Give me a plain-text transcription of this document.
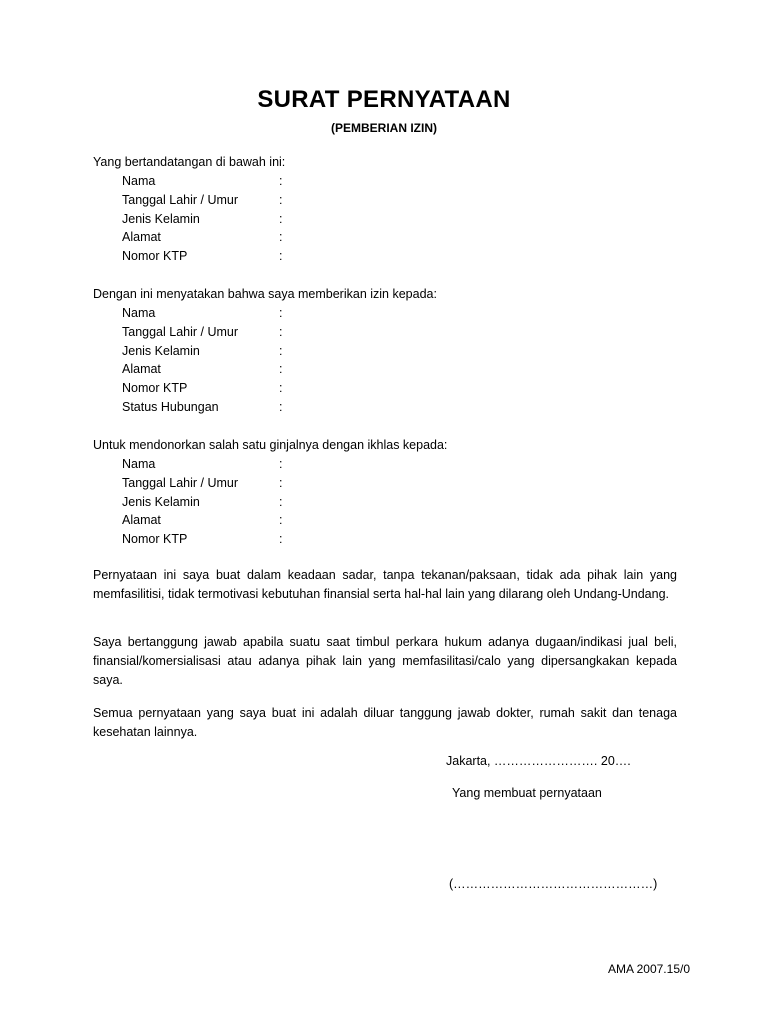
SURAT PERNYATAAN
(PEMBERIAN IZIN)
Yang bertandatangan di bawah ini:
Nama	:
Tanggal Lahir / Umur	:
Jenis Kelamin	:
Alamat	:
Nomor KTP	:
Dengan ini menyatakan bahwa saya memberikan izin kepada:
Nama	:
Tanggal Lahir / Umur	:
Jenis Kelamin	:
Alamat	:
Nomor KTP	:
Status Hubungan	:
Untuk mendonorkan salah satu ginjalnya dengan ikhlas kepada:
Nama	:
Tanggal Lahir / Umur	:
Jenis Kelamin	:
Alamat	:
Nomor KTP	:

Pernyataan ini saya buat dalam keadaan sadar, tanpa tekanan/paksaan, tidak ada pihak lain yang memfasilitisi, tidak termotivasi kebutuhan finansial serta hal-hal lain yang dilarang oleh Undang-Undang.

Saya bertanggung jawab apabila suatu saat timbul perkara hukum adanya dugaan/indikasi jual beli, finansial/komersialisasi atau adanya pihak lain yang memfasilitasi/calo yang dipersangkakan kepada saya.

Semua pernyataan yang saya buat ini adalah diluar tanggung jawab dokter, rumah sakit dan tenaga kesehatan lainnya.

Jakarta, ……………………. 20….
Yang membuat pernyataan
(…………………………………………)
AMA 2007.15/0
